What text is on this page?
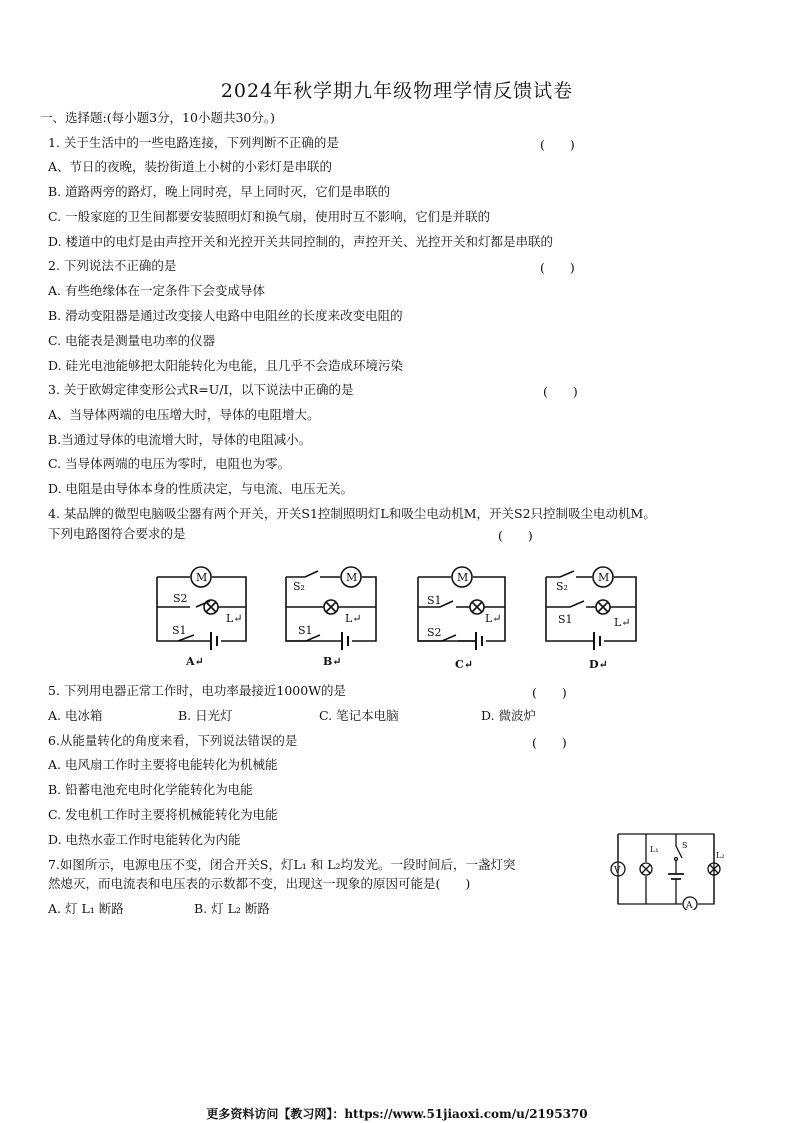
2024年秋学期九年级物理学情反馈试卷
一、选择题:(每小题3分，10小题共30分。)
1. 关于生活中的一些电路连接，下列判断不正确的是	(　　)
A、节日的夜晚，装扮街道上小树的小彩灯是串联的
B. 道路两旁的路灯，晚上同时亮，早上同时灭，它们是串联的
C. 一般家庭的卫生间都要安装照明灯和换气扇，使用时互不影响，它们是并联的
D. 楼道中的电灯是由声控开关和光控开关共同控制的，声控开关、光控开关和灯都是串联的
2. 下列说法不正确的是	(　　)
A. 有些绝缘体在一定条件下会变成导体
B. 滑动变阻器是通过改变接人电路中电阻丝的长度来改变电阻的
C. 电能表是测量电功率的仪器
D. 硅光电池能够把太阳能转化为电能，且几乎不会造成环境污染
3. 关于欧姆定律变形公式R=U/I，以下说法中正确的是	(　　)
A、当导体两端的电压增大时，导体的电阻增大。
B.当通过导体的电流增大时，导体的电阻减小。
C. 当导体两端的电压为零时，电阻也为零。
D. 电阻是由导体本身的性质决定，与电流、电压无关。
4. 某品牌的微型电脑吸尘器有两个开关，开关S1控制照明灯L和吸尘电动机M，开关S2只控制吸尘电动机M。
下列电路图符合要求的是	(　　)
M
S2
L↵
S1
A↵
M
S₂
L↵
S1
B↵
M
S1
L↵
S2
C↵
M
S₂
S1	L↵
D↵
5. 下列用电器正常工作时，电功率最接近1000W的是	(　　)
A. 电冰箱	B. 日光灯	C. 笔记本电脑	D. 微波炉
6.从能量转化的角度来看，下列说法错误的是	(　　)
A. 电风扇工作时主要将电能转化为机械能
B. 铅蓄电池充电时化学能转化为电能
C. 发电机工作时主要将机械能转化为电能
D. 电热水壶工作时电能转化为内能
7.如图所示，电源电压不变，闭合开关S，灯L₁ 和 L₂均发光。一段时间后，一盏灯突
然熄灭，而电流表和电压表的示数都不变，出现这一现象的原因可能是(　　)
A. 灯 L₁ 断路	B. 灯 L₂ 断路
V
L₁	S
L₂
A
更多资料访问【教习网】：https://www.51jiaoxi.com/u/2195370
